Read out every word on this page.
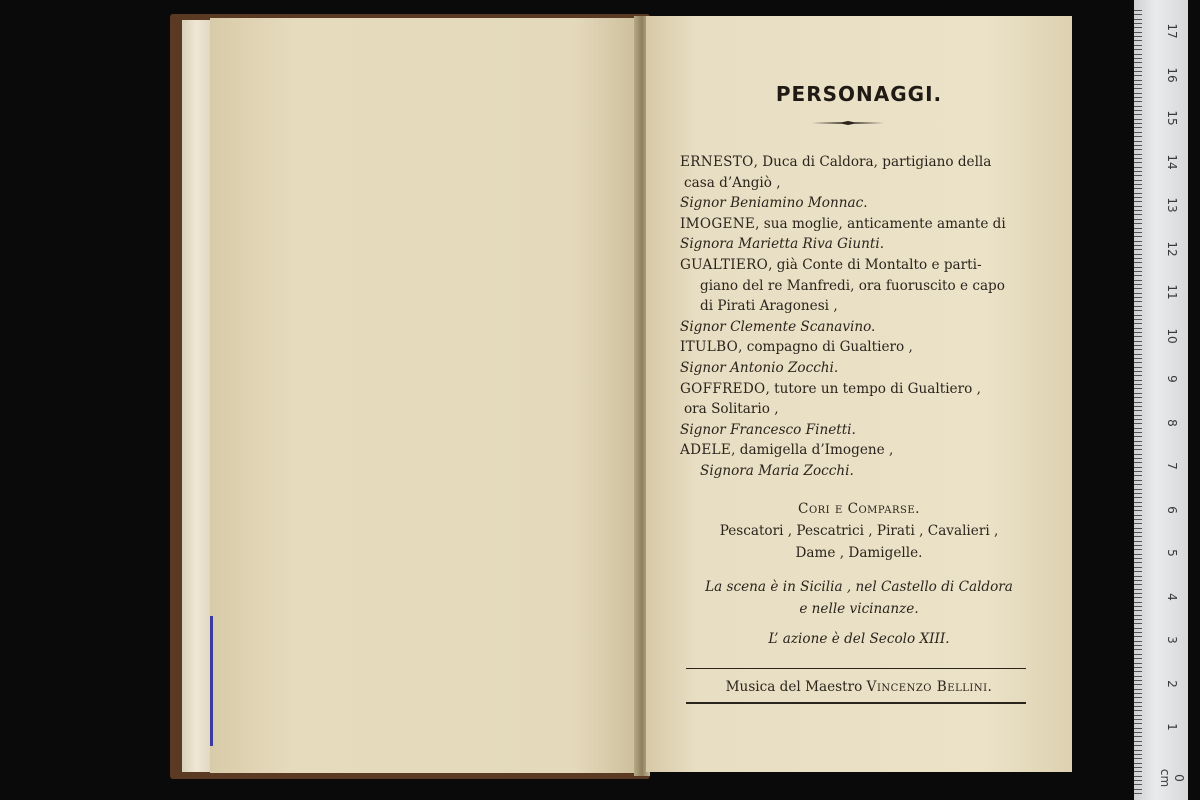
PERSONAGGI.
ERNESTO, Duca di Caldora, partigiano della
casa d’Angiò ,
Signor Beniamino Monnac.
IMOGENE, sua moglie, anticamente amante di
Signora Marietta Riva Giunti.
GUALTIERO, già Conte di Montalto e parti-
giano del re Manfredi, ora fuoruscito e capo
di Pirati Aragonesi ,
Signor Clemente Scanavino.
ITULBO, compagno di Gualtiero ,
Signor Antonio Zocchi.
GOFFREDO, tutore un tempo di Gualtiero ,
ora Solitario ,
Signor Francesco Finetti.
ADELE, damigella d’Imogene ,
Signora Maria Zocchi.
Cori e Comparse.
Pescatori , Pescatrici , Pirati , Cavalieri ,
Dame , Damigelle.
La scena è in Sicilia , nel Castello di Caldora
e nelle vicinanze.
L’ azione è del Secolo XIII.
Musica del Maestro Vincenzo Bellini.
17
16
15
14
13
12
11
10
9
8
7
6
5
4
3
2
1
0 cm
